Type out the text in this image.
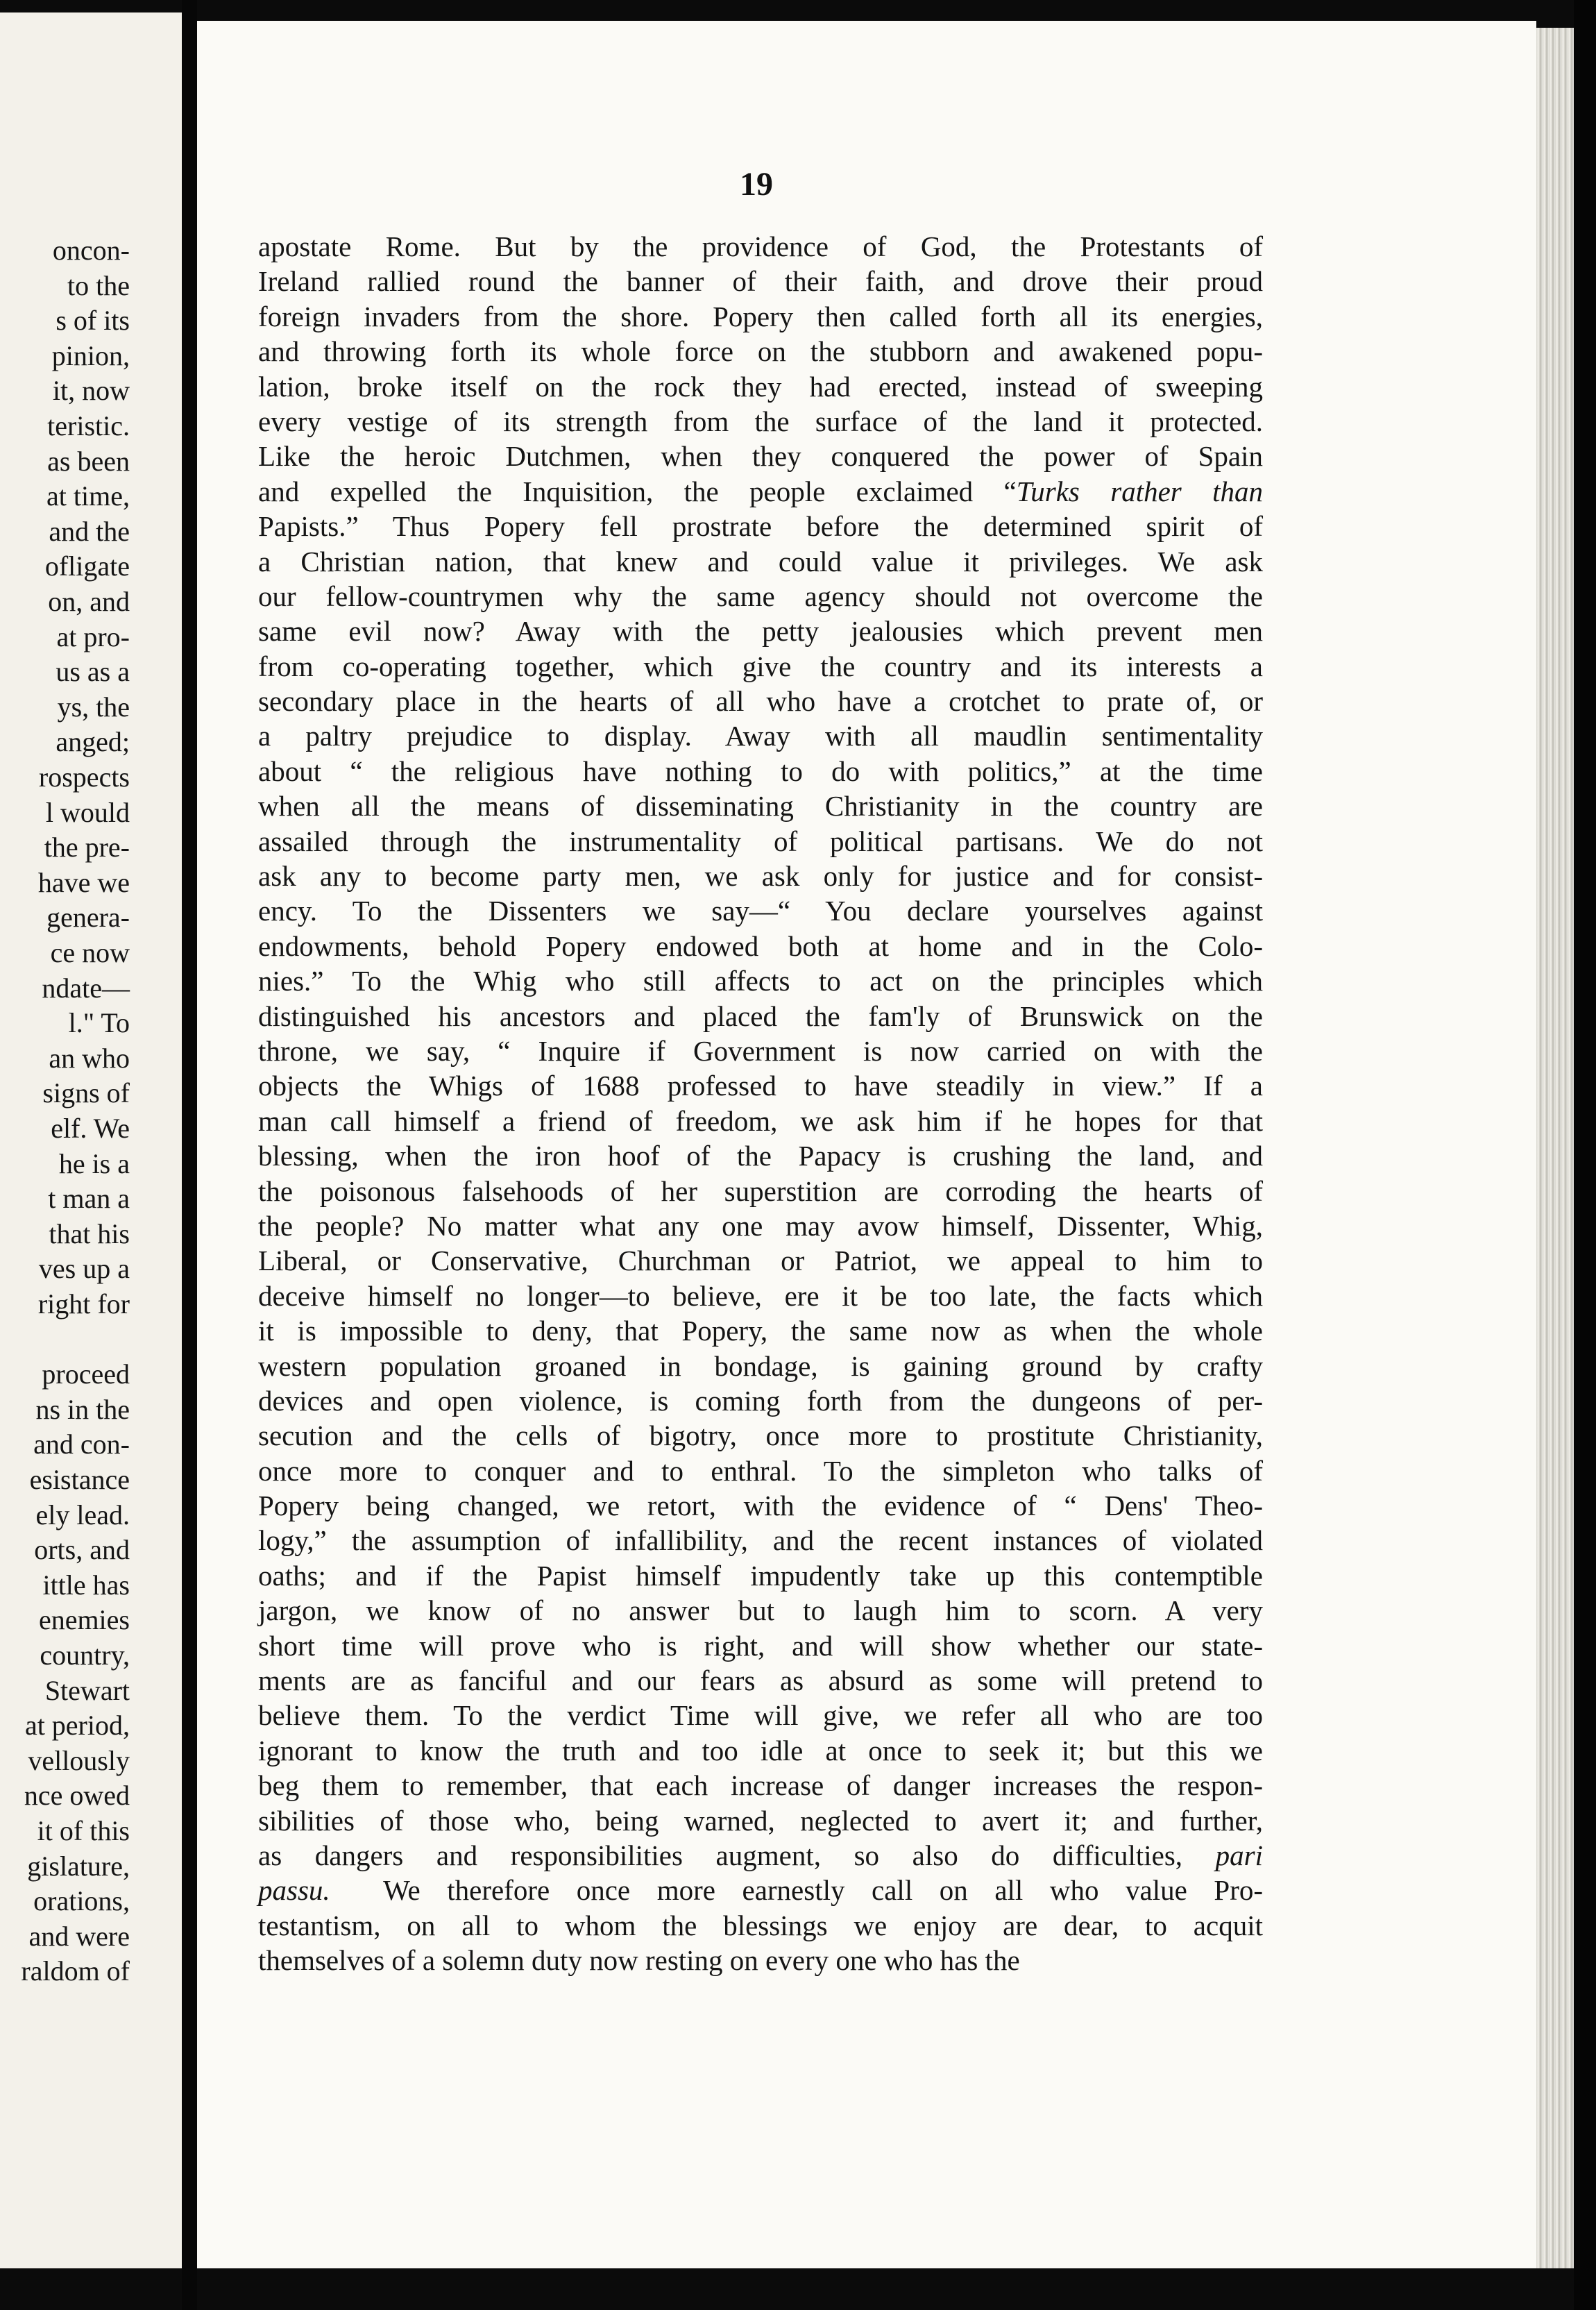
oncon-
to the
s of its
pinion,
it, now
teristic.
as been
at time,
and the
ofligate
on, and
at pro-
us as a
ys, the
anged;
rospects
l would
the pre-
have we
genera-
ce now
ndate—
l." To
an who
signs of
elf. We
he is a
t man a
that his
ves up a
right for
proceed
ns in the
and con-
esistance
ely lead.
orts, and
ittle has
enemies
country,
Stewart
at period,
vellously
nce owed
it of this
gislature,
orations,
and were
raldom of
19
apostate Rome. But by the providence of God, the Protestants of
Ireland rallied round the banner of their faith, and drove their proud
foreign invaders from the shore. Popery then called forth all its energies,
and throwing forth its whole force on the stubborn and awakened popu-
lation, broke itself on the rock they had erected, instead of sweeping
every vestige of its strength from the surface of the land it protected.
Like the heroic Dutchmen, when they conquered the power of Spain
and expelled the Inquisition, the people exclaimed “Turks rather than
Papists.” Thus Popery fell prostrate before the determined spirit of
a Christian nation, that knew and could value it privileges. We ask
our fellow-countrymen why the same agency should not overcome the
same evil now? Away with the petty jealousies which prevent men
from co-operating together, which give the country and its interests a
secondary place in the hearts of all who have a crotchet to prate of, or
a paltry prejudice to display. Away with all maudlin sentimentality
about “ the religious have nothing to do with politics,” at the time
when all the means of disseminating Christianity in the country are
assailed through the instrumentality of political partisans. We do not
ask any to become party men, we ask only for justice and for consist-
ency. To the Dissenters we say—“ You declare yourselves against
endowments, behold Popery endowed both at home and in the Colo-
nies.” To the Whig who still affects to act on the principles which
distinguished his ancestors and placed the fam'ly of Brunswick on the
throne, we say, “ Inquire if Government is now carried on with the
objects the Whigs of 1688 professed to have steadily in view.” If a
man call himself a friend of freedom, we ask him if he hopes for that
blessing, when the iron hoof of the Papacy is crushing the land, and
the poisonous falsehoods of her superstition are corroding the hearts of
the people? No matter what any one may avow himself, Dissenter, Whig,
Liberal, or Conservative, Churchman or Patriot, we appeal to him to
deceive himself no longer—to believe, ere it be too late, the facts which
it is impossible to deny, that Popery, the same now as when the whole
western population groaned in bondage, is gaining ground by crafty
devices and open violence, is coming forth from the dungeons of per-
secution and the cells of bigotry, once more to prostitute Christianity,
once more to conquer and to enthral. To the simpleton who talks of
Popery being changed, we retort, with the evidence of “ Dens' Theo-
logy,” the assumption of infallibility, and the recent instances of violated
oaths; and if the Papist himself impudently take up this contemptible
jargon, we know of no answer but to laugh him to scorn. A very
short time will prove who is right, and will show whether our state-
ments are as fanciful and our fears as absurd as some will pretend to
believe them. To the verdict Time will give, we refer all who are too
ignorant to know the truth and too idle at once to seek it; but this we
beg them to remember, that each increase of danger increases the respon-
sibilities of those who, being warned, neglected to avert it; and further,
as dangers and responsibilities augment, so also do difficulties, pari
passu. We therefore once more earnestly call on all who value Pro-
testantism, on all to whom the blessings we enjoy are dear, to acquit
themselves of a solemn duty now resting on every one who has the
